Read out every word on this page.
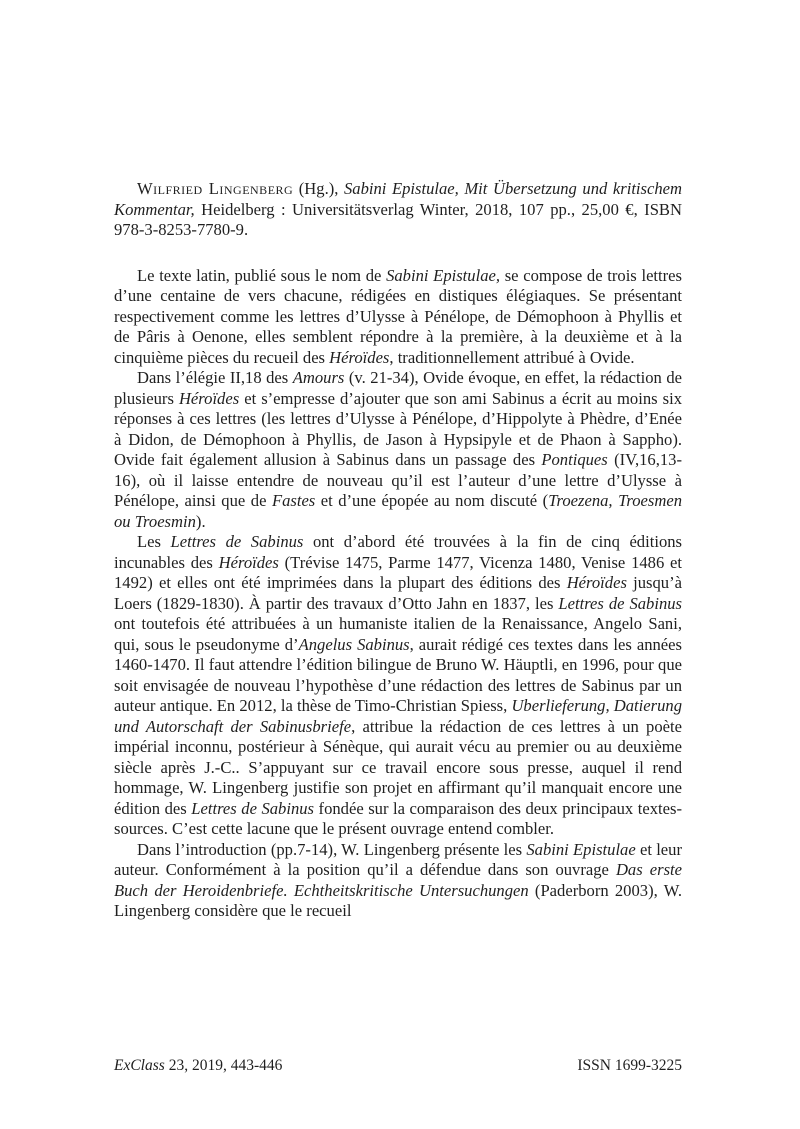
Wilfried Lingenberg (Hg.), Sabini Epistulae, Mit Übersetzung und kritischem Kommentar, Heidelberg : Universitätsverlag Winter, 2018, 107 pp., 25,00 €, ISBN 978-3-8253-7780-9.

Le texte latin, publié sous le nom de Sabini Epistulae, se compose de trois lettres d’une centaine de vers chacune, rédigées en distiques élégiaques. Se présentant respectivement comme les lettres d’Ulysse à Pénélope, de Démophoon à Phyllis et de Pâris à Oenone, elles semblent répondre à la première, à la deuxième et à la cinquième pièces du recueil des Héroïdes, traditionnellement attribué à Ovide.

Dans l’élégie II,18 des Amours (v. 21-34), Ovide évoque, en effet, la rédaction de plusieurs Héroïdes et s’empresse d’ajouter que son ami Sabinus a écrit au moins six réponses à ces lettres (les lettres d’Ulysse à Pénélope, d’Hippolyte à Phèdre, d’Enée à Didon, de Démophoon à Phyllis, de Jason à Hypsipyle et de Phaon à Sappho). Ovide fait également allusion à Sabinus dans un passage des Pontiques (IV,16,13-16), où il laisse entendre de nouveau qu’il est l’auteur d’une lettre d’Ulysse à Pénélope, ainsi que de Fastes et d’une épopée au nom discuté (Troezena, Troesmen ou Troesmin).

Les Lettres de Sabinus ont d’abord été trouvées à la fin de cinq éditions incunables des Héroïdes (Trévise 1475, Parme 1477, Vicenza 1480, Venise 1486 et 1492) et elles ont été imprimées dans la plupart des éditions des Héroïdes jusqu’à Loers (1829-1830). À partir des travaux d’Otto Jahn en 1837, les Lettres de Sabinus ont toutefois été attribuées à un humaniste italien de la Renaissance, Angelo Sani, qui, sous le pseudonyme d’Angelus Sabinus, aurait rédigé ces textes dans les années 1460-1470. Il faut attendre l’édition bilingue de Bruno W. Häuptli, en 1996, pour que soit envisagée de nouveau l’hypothèse d’une rédaction des lettres de Sabinus par un auteur antique. En 2012, la thèse de Timo-Christian Spiess, Uberlieferung, Datierung und Autorschaft der Sabinusbriefe, attribue la rédaction de ces lettres à un poète impérial inconnu, postérieur à Sénèque, qui aurait vécu au premier ou au deuxième siècle après J.-C.. S’appuyant sur ce travail encore sous presse, auquel il rend hommage, W. Lingenberg justifie son projet en affirmant qu’il manquait encore une édition des Lettres de Sabinus fondée sur la comparaison des deux principaux textes-sources. C’est cette lacune que le présent ouvrage entend combler.

Dans l’introduction (pp.7-14), W. Lingenberg présente les Sabini Epistulae et leur auteur. Conformément à la position qu’il a défendue dans son ouvrage Das erste Buch der Heroidenbriefe. Echtheitskritische Untersuchungen (Paderborn 2003), W. Lingenberg considère que le recueil

ExClass 23, 2019, 443-446	ISSN 1699-3225
